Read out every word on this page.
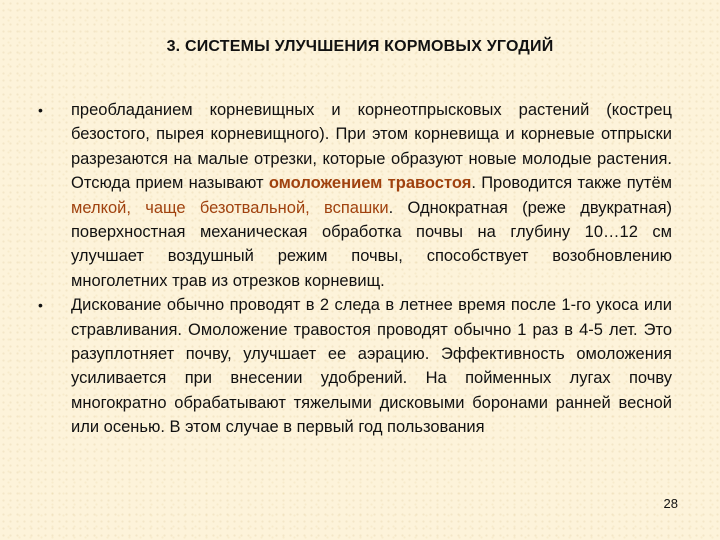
3. СИСТЕМЫ УЛУЧШЕНИЯ КОРМОВЫХ УГОДИЙ
•	преобладанием корневищных и корнеотпрысковых растений (кострец безостого, пырея корневищного). При этом корневища и корневые отпрыски разрезаются на малые отрезки, которые образуют новые молодые растения. Отсюда прием называют омоложением травостоя. Проводится также путём мелкой, чаще безотвальной, вспашки. Однократная (реже двукратная) поверхностная механическая обработка почвы на глубину 10…12 см улучшает воздушный режим почвы, способствует возобновлению многолетних трав из отрезков корневищ.
•	Дискование обычно проводят в 2 следа в летнее время после 1-го укоса или стравливания. Омоложение травостоя проводят обычно 1 раз в 4-5 лет. Это разуплотняет почву, улучшает ее аэрацию. Эффективность омоложения усиливается при внесении удобрений. На пойменных лугах почву многократно обрабатывают тяжелыми дисковыми боронами ранней весной или осенью. В этом случае в первый год пользования
28
